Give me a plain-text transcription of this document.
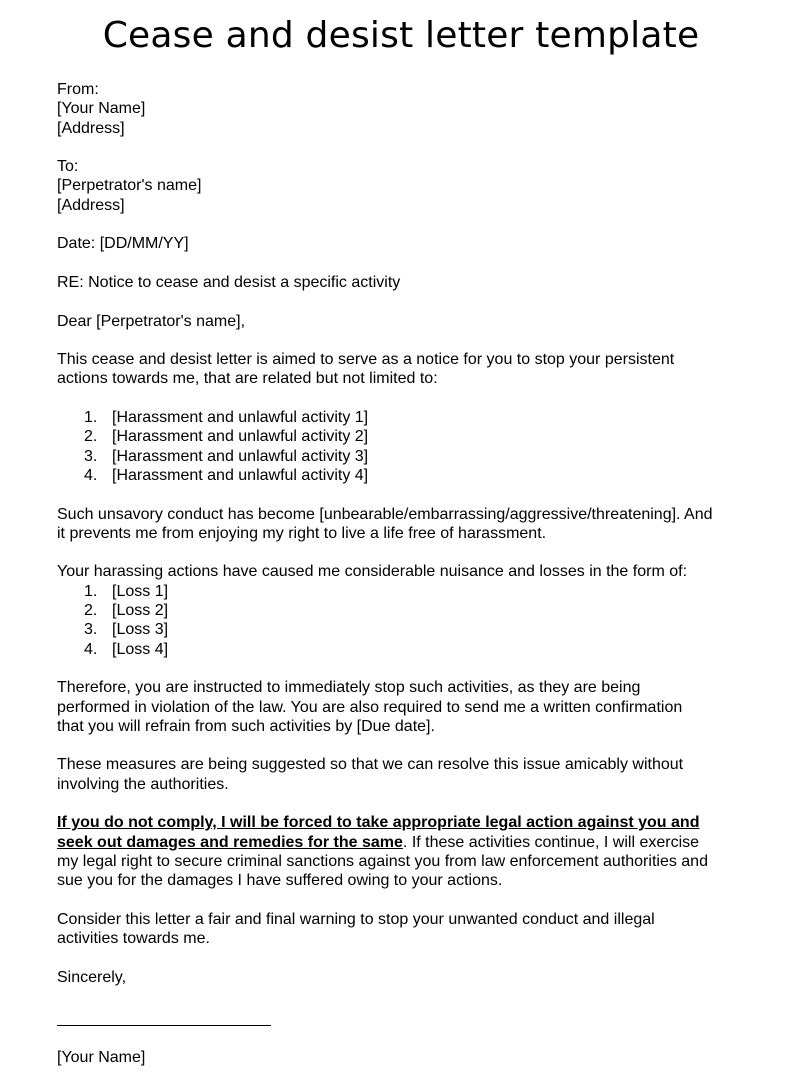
Cease and desist letter template
From:
[Your Name]
[Address]
To:
[Perpetrator's name]
[Address]
Date: [DD/MM/YY]
RE: Notice to cease and desist a specific activity
Dear [Perpetrator's name],
This cease and desist letter is aimed to serve as a notice for you to stop your persistent
actions towards me, that are related but not limited to:
1. [Harassment and unlawful activity 1]
2. [Harassment and unlawful activity 2]
3. [Harassment and unlawful activity 3]
4. [Harassment and unlawful activity 4]
Such unsavory conduct has become [unbearable/embarrassing/aggressive/threatening]. And
it prevents me from enjoying my right to live a life free of harassment.
Your harassing actions have caused me considerable nuisance and losses in the form of:
1. [Loss 1]
2. [Loss 2]
3. [Loss 3]
4. [Loss 4]
Therefore, you are instructed to immediately stop such activities, as they are being
performed in violation of the law. You are also required to send me a written confirmation
that you will refrain from such activities by [Due date].
These measures are being suggested so that we can resolve this issue amicably without
involving the authorities.
If you do not comply, I will be forced to take appropriate legal action against you and
seek out damages and remedies for the same. If these activities continue, I will exercise
my legal right to secure criminal sanctions against you from law enforcement authorities and
sue you for the damages I have suffered owing to your actions.
Consider this letter a fair and final warning to stop your unwanted conduct and illegal
activities towards me.
Sincerely,
[Your Name]
